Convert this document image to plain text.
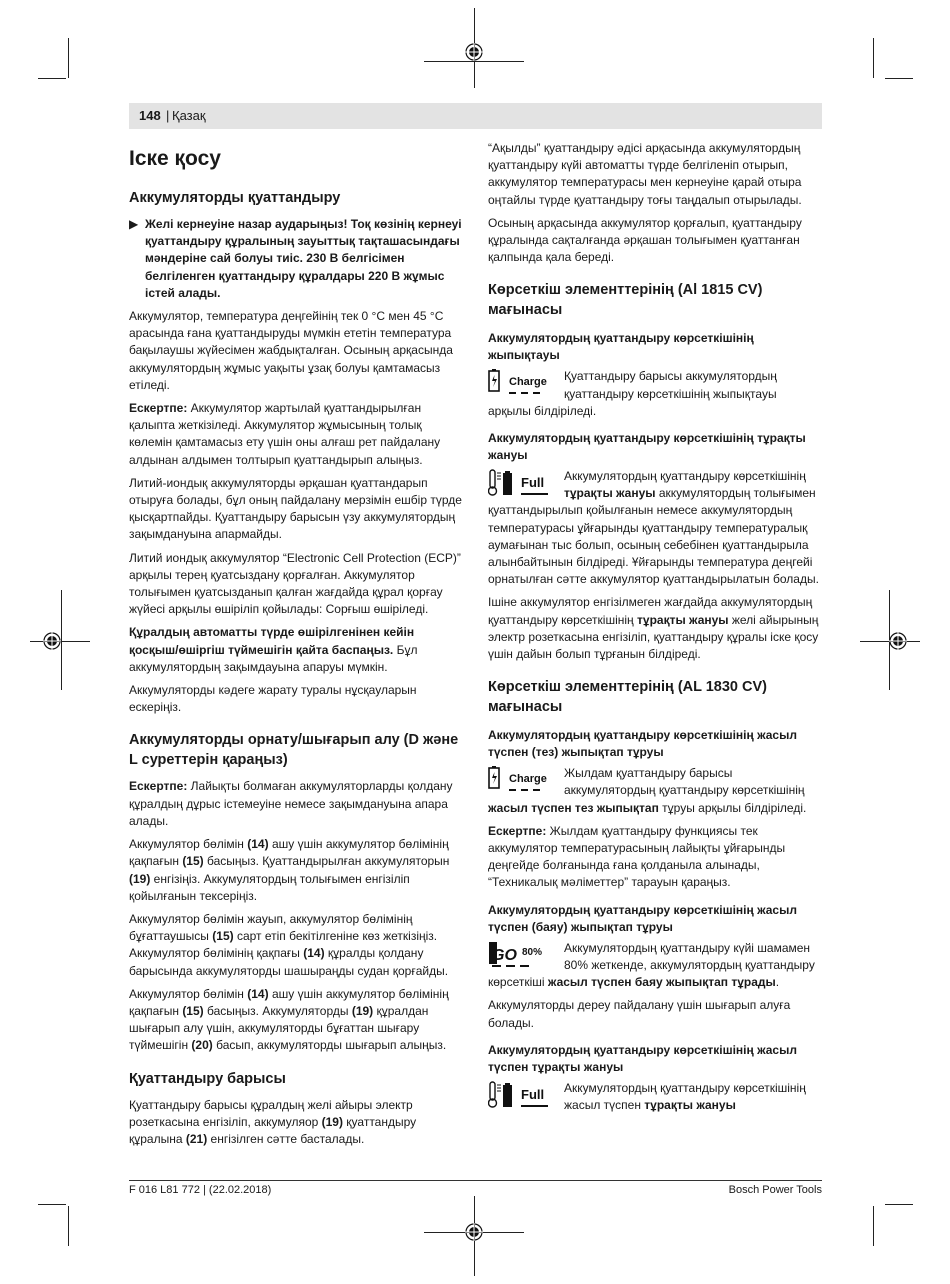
148 | Қазақ
Іске қосу
Аккумуляторды қуаттандыру

▶ Желі кернеуіне назар аударыңыз! Тоқ көзінің кернеуі қуаттандыру құралының зауыттық тақташасындағы мәндеріне сай болуы тиіс. 230 В белгісімен белгіленген қуаттандыру құралдары 220 В жұмыс істей алады.

Аккумулятор, температура деңгейінің тек 0 °C мен 45 °C арасында ғана қуаттандыруды мүмкін ететін температура бақылаушы жүйесімен жабдықталған. Осының арқасында аккумулятордың жұмыс уақыты ұзақ болуы қамтамасыз етіледі.

Ескертпе: Аккумулятор жартылай қуаттандырылған қалыпта жеткізіледі. Аккумулятор жұмысының толық көлемін қамтамасыз ету үшін оны алғаш рет пайдалану алдынан алдымен толтырып қуаттандырып алыңыз.

Литий-иондық аккумуляторды әрқашан қуаттандарып отыруға болады, бұл оның пайдалану мерзімін ешбір түрде қысқартпайды. Қуаттандыру барысын үзу аккумулятордың зақымдануына апармайды.

Литий иондық аккумулятор “Electronic Cell Protection (ECP)” арқылы терең қуатсыздану қорғалған. Аккумулятор толығымен қуатсызданып қалған жағдайда құрал қорғау жүйесі арқылы өшіріліп қойылады: Сорғыш өшіріледі.

Құралдың автоматты түрде өшірілгенінен кейін қосқыш/өшіргіш түймешігін қайта баспаңыз. Бұл аккумулятордың зақымдауына апаруы мүмкін.

Аккумуляторды кәдеге жарату туралы нұсқауларын ескеріңіз.

Аккумуляторды орнату/шығарып алу (D және L суреттерін қараңыз)

Ескертпе: Лайықты болмаған аккумуляторларды қолдану құралдың дұрыс істемеуіне немесе зақымдануына апара алады.

Аккумулятор бөлімін (14) ашу үшін аккумулятор бөлімінің қақпағын (15) басыңыз. Қуаттандырылған аккумуляторын (19) енгізіңіз. Аккумулятордың толығымен енгізіліп қойылғанын тексеріңіз.

Аккумулятор бөлімін жауып, аккумулятор бөлімінің бұғаттаушысы (15) сарт етіп бекітілгеніне көз жеткізіңіз. Аккумулятор бөлімінің қақпағы (14) құралды қолдану барысында аккумуляторды шашыраңды судан қорғайды.

Аккумулятор бөлімін (14) ашу үшін аккумулятор бөлімінің қақпағын (15) басыңыз. Аккумуляторды (19) құралдан шығарып алу үшін, аккумуляторды бұғаттан шығару түймешігін (20) басып, аккумуляторды шығарып алыңыз.

Қуаттандыру барысы

Қуаттандыру барысы құралдың желі айыры электр розеткасына енгізіліп, аккумуляор (19) қуаттандыру құралына (21) енгізілген сәтте басталады.

“Ақылды” қуаттандыру әдісі арқасында аккумулятордың қуаттандыру күйі автоматты түрде белгіленіп отырып, аккумулятор температурасы мен кернеуіне қарай отыра оңтайлы түрде қуаттандыру тоғы таңдалып отырылады.

Осының арқасында аккумулятор қорғалып, қуаттандыру құралында сақталғанда әрқашан толығымен қуаттанған қалпында қала береді.

Көрсеткіш элементтерінің (Al 1815 CV) мағынасы
Аккумулятордың қуаттандыру көрсеткішінің жыпықтауы
Charge Қуаттандыру барысы аккумулятордың қуаттандыру көрсеткішінің жыпықтауы арқылы білдіріледі.
Аккумулятордың қуаттандыру көрсеткішінің тұрақты жануы
Full Аккумулятордың қуаттандыру көрсеткішінің тұрақты жануы аккумулятордың толығымен қуаттандырылып қойылғанын немесе аккумулятордың температурасы ұйғарынды қуаттандыру температуралық аумағынан тыс болып, осының себебінен қуаттандырыла алынбайтынын білдіреді. Ұйғарынды температура деңгейі орнатылған сәтте аккумулятор қуаттандырылатын болады.

Ішіне аккумулятор енгізілмеген жағдайда аккумулятордың қуаттандыру көрсеткішінің тұрақты жануы желі айырының электр розеткасына енгізіліп, қуаттандыру құралы іске қосу үшін дайын болып тұрғанын білдіреді.

Көрсеткіш элементтерінің (AL 1830 CV) мағынасы
Аккумулятордың қуаттандыру көрсеткішінің жасыл түспен (тез) жыпықтап тұруы
Charge Жылдам қуаттандыру барысы аккумулятордың қуаттандыру көрсеткішінің жасыл түспен тез жыпықтап тұруы арқылы білдіріледі.

Ескертпе: Жылдам қуаттандыру функциясы тек аккумулятор температурасының лайықты ұйғарынды деңгейде болғанында ғана қолданыла алынады, “Техникалық мәліметтер” тарауын қараңыз.

Аккумулятордың қуаттандыру көрсеткішінің жасыл түспен (баяу) жыпықтап тұруы
GO 80% Аккумулятордың қуаттандыру күйі шамамен 80% жеткенде, аккумулятордың қуаттандыру көрсеткіші жасыл түспен баяу жыпықтап тұрады.

Аккумуляторды дереу пайдалану үшін шығарып алуға болады.

Аккумулятордың қуаттандыру көрсеткішінің жасыл түспен тұрақты жануы
Full Аккумулятордың қуаттандыру көрсеткішінің жасыл түспен тұрақты жануы
F 016 L81 772 | (22.02.2018)	Bosch Power Tools
